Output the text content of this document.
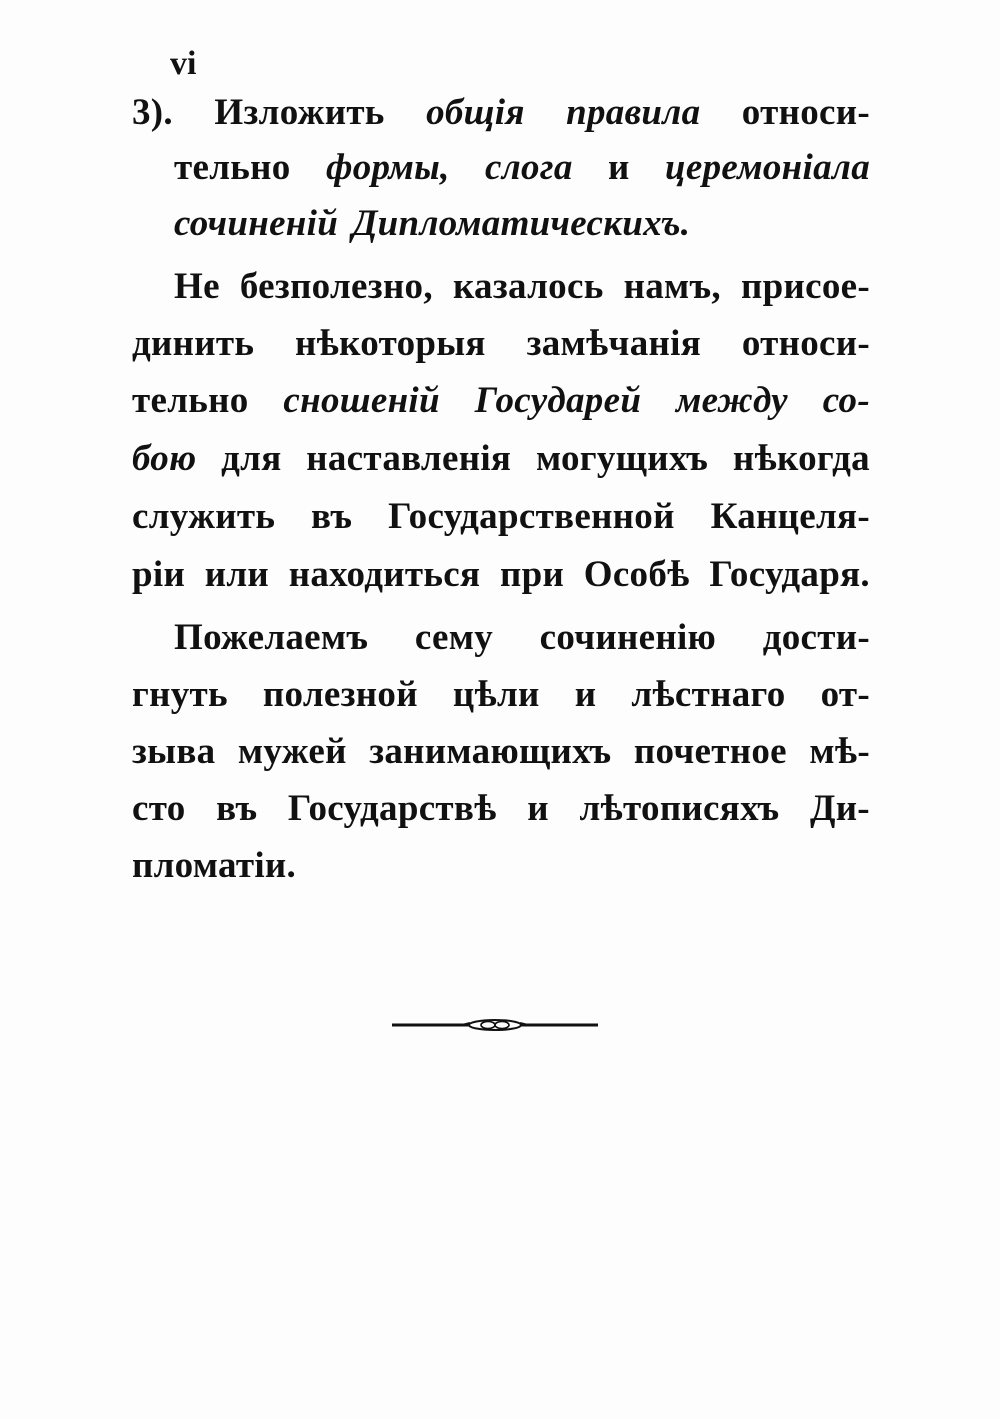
vi
3). Изложить общія правила относи-
тельно формы, слога и церемоніала
сочиненій Дипломатическихъ.
Не безполезно, казалось намъ, присое-
динить нѣкоторыя замѣчанія относи-
тельно сношеній Государей между со-
бою для наставленія могущихъ нѣкогда
служить въ Государственной Канцеля-
ріи или находиться при Особѣ Государя.
Пожелаемъ сему сочиненію дости-
гнуть полезной цѣли и лѣстнаго от-
зыва мужей занимающихъ почетное мѣ-
сто въ Государствѣ и лѣтописяхъ Ди-
пломатіи.
